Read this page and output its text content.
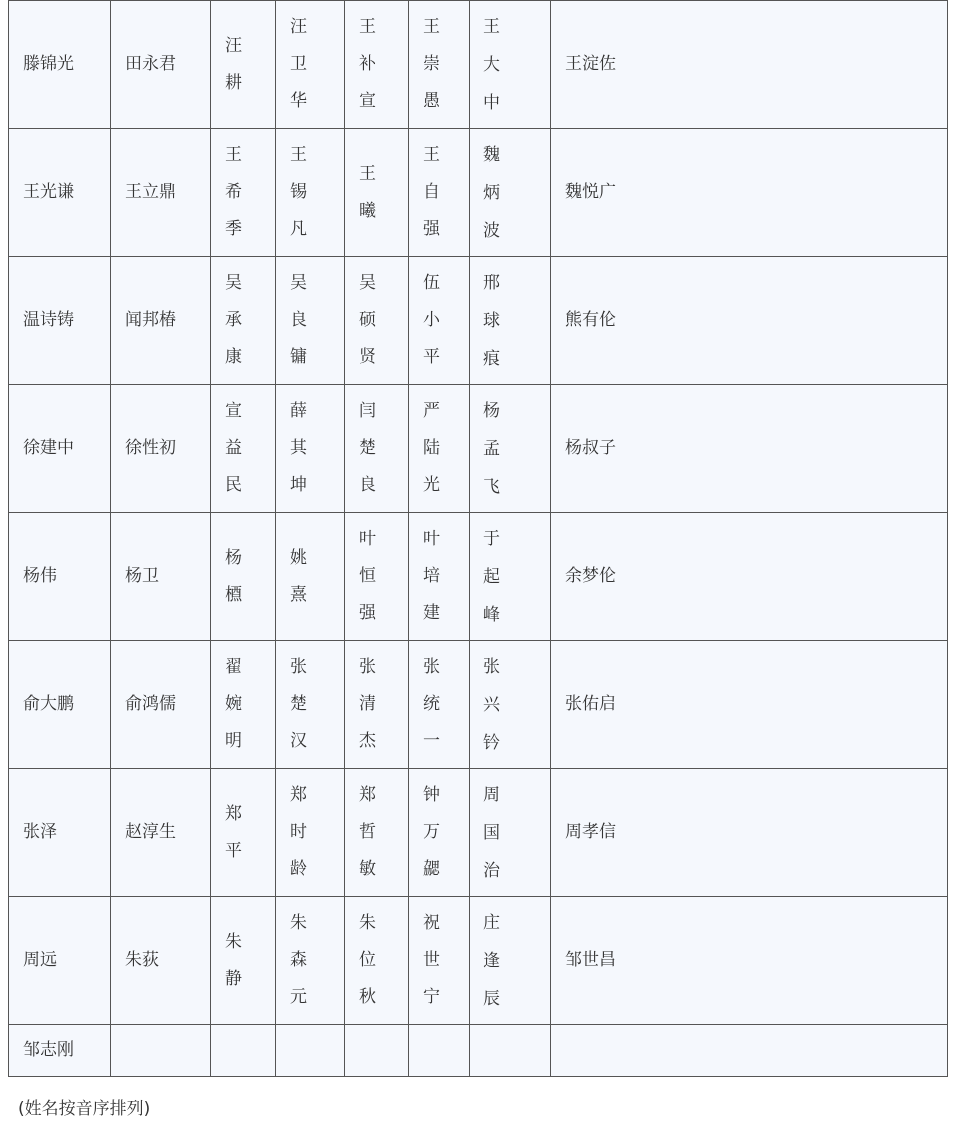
滕锦光	田永君	汪耕	汪卫华	王补宣	王崇愚	王大中	王淀佐

王光谦	王立鼎	王希季	王锡凡	王曦	王自强	魏炳波	魏悦广

温诗铸	闻邦椿	吴承康	吴良镛	吴硕贤	伍小平	邢球痕	熊有伦

徐建中	徐性初	宣益民	薛其坤	闫楚良	严陆光	杨孟飞	杨叔子

杨伟	杨卫	杨槱	姚熹	叶恒强	叶培建	于起峰	余梦伦

俞大鹏	俞鸿儒	翟婉明	张楚汉	张清杰	张统一	张兴钤	张佑启

张泽	赵淳生	郑平	郑时龄	郑哲敏	钟万勰	周国治	周孝信

周远	朱荻	朱静	朱森元	朱位秋	祝世宁	庄逢辰	邹世昌

邹志刚							

(姓名按音序排列)
